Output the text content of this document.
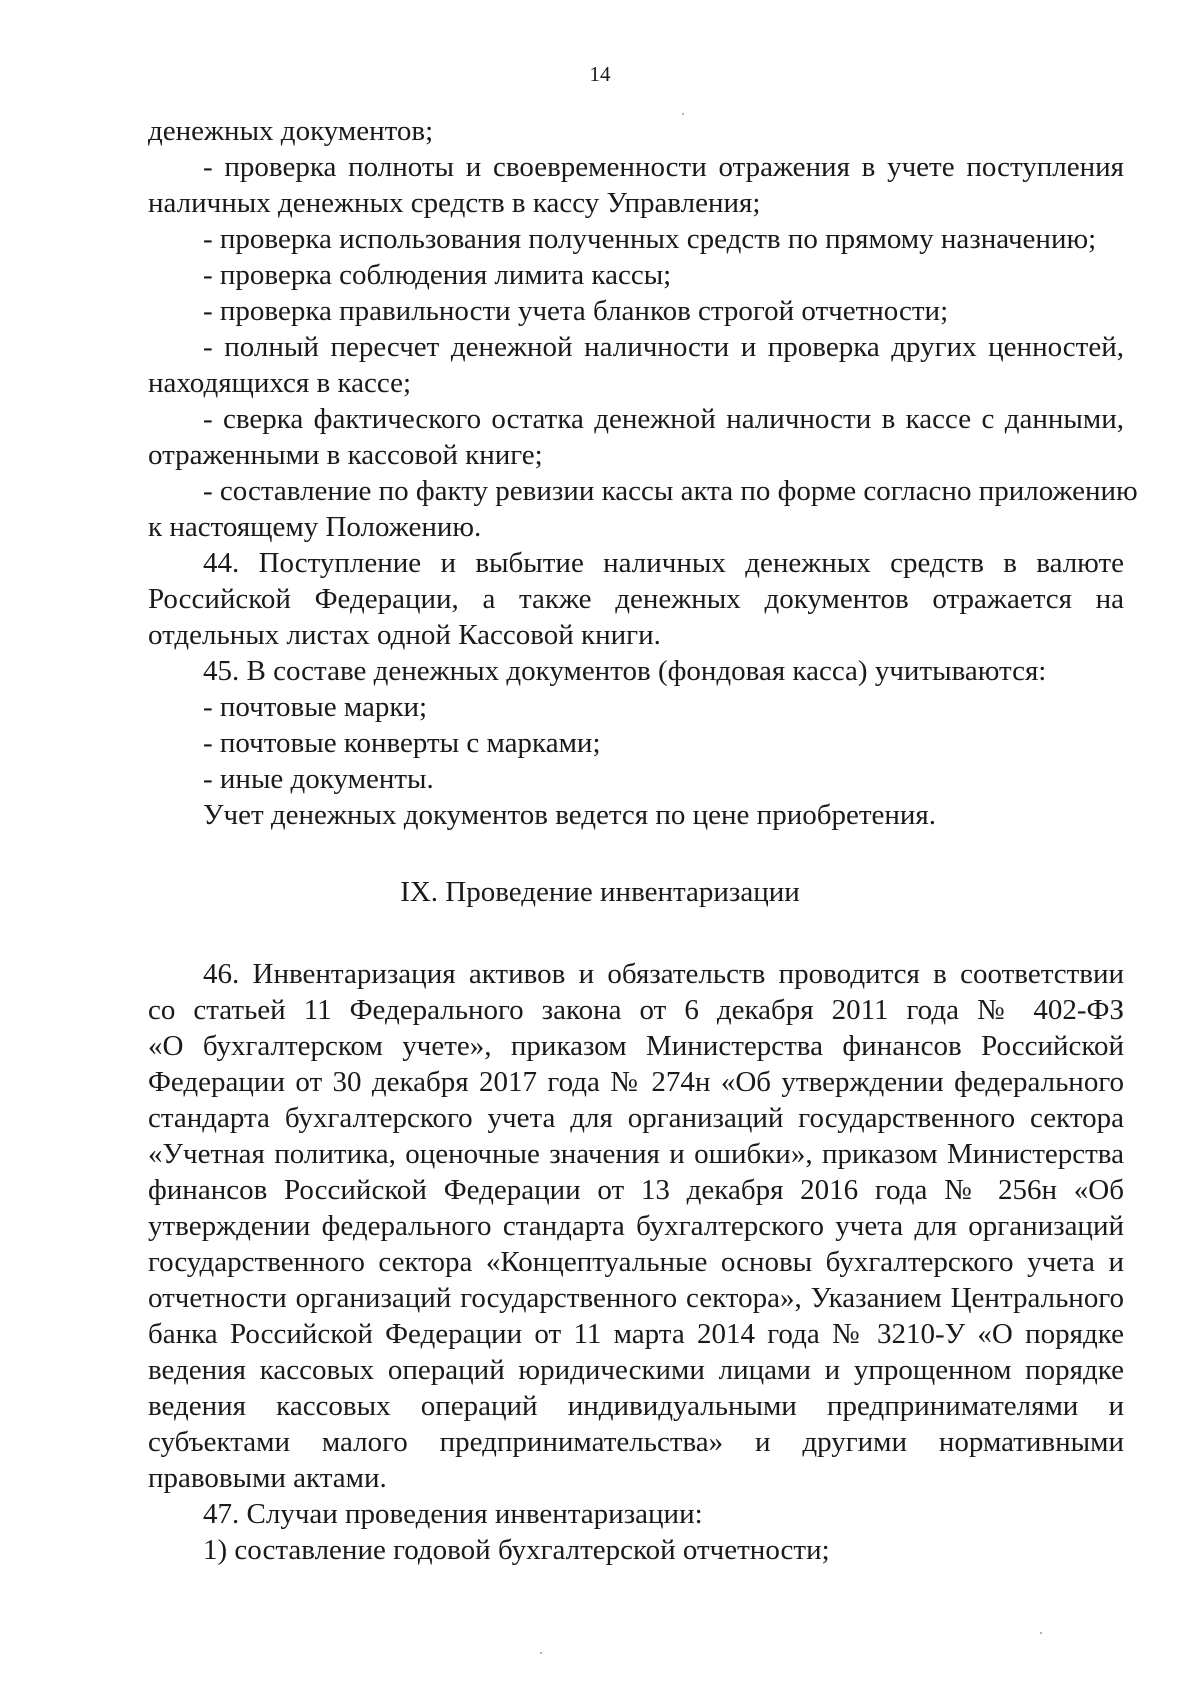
14
денежных документов;
- проверка полноты и своевременности отражения в учете поступления
наличных денежных средств в кассу Управления;
- проверка использования полученных средств по прямому назначению;
- проверка соблюдения лимита кассы;
- проверка правильности учета бланков строгой отчетности;
- полный пересчет денежной наличности и проверка других ценностей,
находящихся в кассе;
- сверка фактического остатка денежной наличности в кассе с данными,
отраженными в кассовой книге;
- составление по факту ревизии кассы акта по форме согласно приложению
к настоящему Положению.
44. Поступление и выбытие наличных денежных средств в валюте
Российской Федерации, а также денежных документов отражается на
отдельных листах одной Кассовой книги.
45. В составе денежных документов (фондовая касса) учитываются:
- почтовые марки;
- почтовые конверты с марками;
- иные документы.
Учет денежных документов ведется по цене приобретения.
IX. Проведение инвентаризации
46. Инвентаризация активов и обязательств проводится в соответствии
со статьей 11 Федерального закона от 6 декабря 2011 года № 402-ФЗ
«О бухгалтерском учете», приказом Министерства финансов Российской
Федерации от 30 декабря 2017 года № 274н «Об утверждении федерального
стандарта бухгалтерского учета для организаций государственного сектора
«Учетная политика, оценочные значения и ошибки», приказом Министерства
финансов Российской Федерации от 13 декабря 2016 года № 256н «Об
утверждении федерального стандарта бухгалтерского учета для организаций
государственного сектора «Концептуальные основы бухгалтерского учета и
отчетности организаций государственного сектора», Указанием Центрального
банка Российской Федерации от 11 марта 2014 года № 3210-У «О порядке
ведения кассовых операций юридическими лицами и упрощенном порядке
ведения кассовых операций индивидуальными предпринимателями и
субъектами малого предпринимательства» и другими нормативными
правовыми актами.
47. Случаи проведения инвентаризации:
1) составление годовой бухгалтерской отчетности;
